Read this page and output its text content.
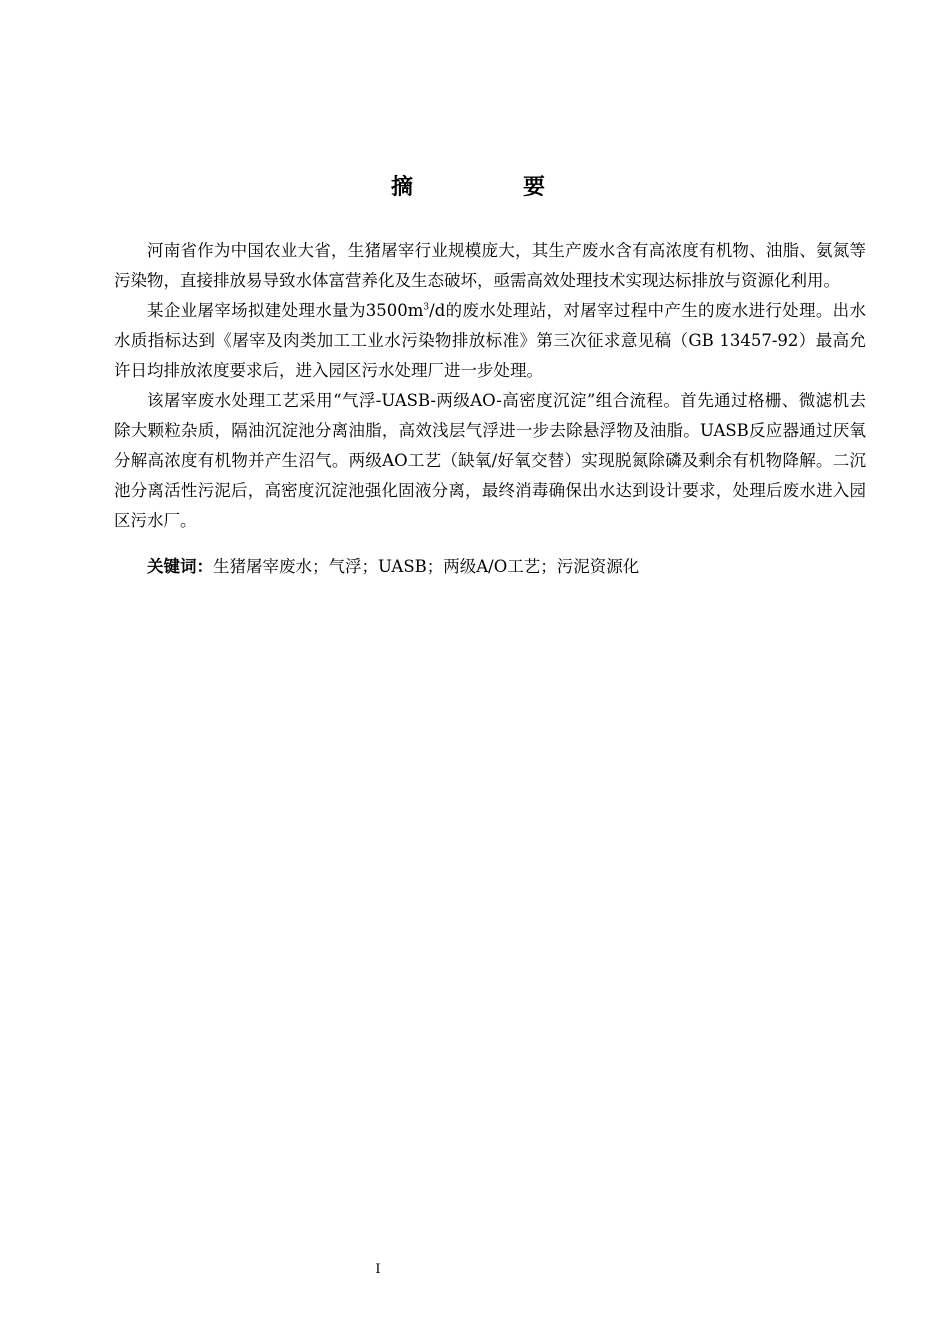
摘　要

河南省作为中国农业大省，生猪屠宰行业规模庞大，其生产废水含有高浓度有机物、油脂、氨氮等污染物，直接排放易导致水体富营养化及生态破坏，亟需高效处理技术实现达标排放与资源化利用。

某企业屠宰场拟建处理水量为$3500m^3/d$的废水处理站，对屠宰过程中产生的废水进行处理。出水水质指标达到《屠宰及肉类加工工业水污染物排放标准》第三次征求意见稿（GB 13457-92）最高允许日均排放浓度要求后，进入园区污水处理厂进一步处理。

该屠宰废水处理工艺采用“气浮-UASB-两级AO-高密度沉淀”组合流程。首先通过格栅、微滤机去除大颗粒杂质，隔油沉淀池分离油脂，高效浅层气浮进一步去除悬浮物及油脂。UASB反应器通过厌氧分解高浓度有机物并产生沼气。两级AO工艺（缺氧/好氧交替）实现脱氮除磷及剩余有机物降解。二沉池分离活性污泥后，高密度沉淀池强化固液分离，最终消毒确保出水达到设计要求，处理后废水进入园区污水厂。

关键词：生猪屠宰废水；气浮；UASB；两级A/O工艺；污泥资源化

I
